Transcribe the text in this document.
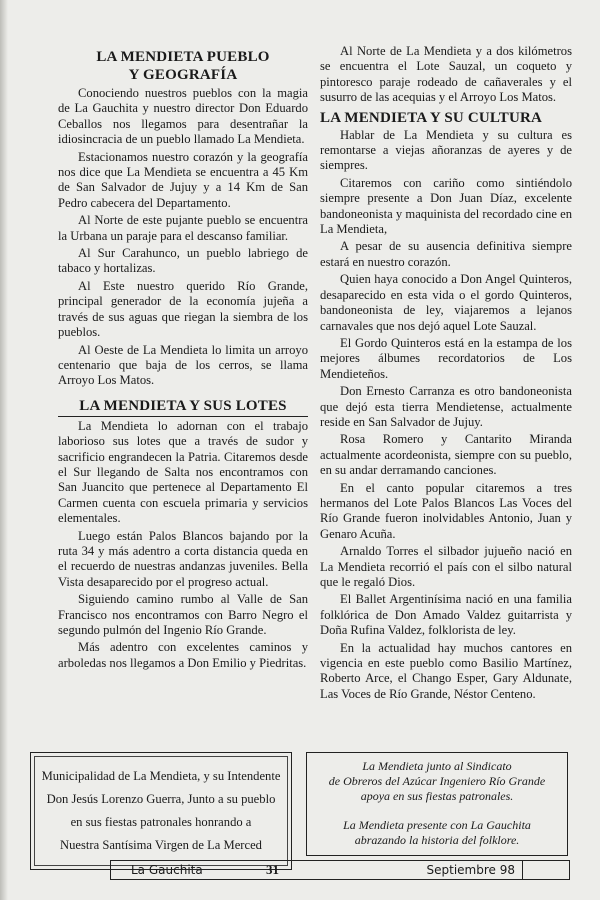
LA MENDIETA PUEBLO
Y GEOGRAFÍA

Conociendo nuestros pueblos con la magia de La Gauchita y nuestro director Don Eduardo Ceballos nos llegamos para desentrañar la idiosincracia de un pueblo llamado La Mendieta.

Estacionamos nuestro corazón y la geografía nos dice que La Mendieta se encuentra a 45 Km de San Salvador de Jujuy y a 14 Km de San Pedro cabecera del Departamento.

Al Norte de este pujante pueblo se encuentra la Urbana un paraje para el descanso familiar.

Al Sur Carahunco, un pueblo labriego de tabaco y hortalizas.

Al Este nuestro querido Río Grande, principal generador de la economía jujeña a través de sus aguas que riegan la siembra de los pueblos.

Al Oeste de La Mendieta lo limita un arroyo centenario que baja de los cerros, se llama Arroyo Los Matos.

LA MENDIETA Y SUS LOTES

La Mendieta lo adornan con el trabajo laborioso sus lotes que a través de sudor y sacrificio engrandecen la Patria. Citaremos desde el Sur llegando de Salta nos encontramos con San Juancito que pertenece al Departamento El Carmen cuenta con escuela primaria y servicios elementales.

Luego están Palos Blancos bajando por la ruta 34 y más adentro a corta distancia queda en el recuerdo de nuestras andanzas juveniles. Bella Vista desaparecido por el progreso actual.

Siguiendo camino rumbo al Valle de San Francisco nos encontramos con Barro Negro el segundo pulmón del Ingenio Río Grande.

Más adentro con excelentes caminos y arboledas nos llegamos a Don Emilio y Piedritas.

Al Norte de La Mendieta y a dos kilómetros se encuentra el Lote Sauzal, un coqueto y pintoresco paraje rodeado de cañaverales y el susurro de las acequias y el Arroyo Los Matos.

LA MENDIETA Y SU CULTURA

Hablar de La Mendieta y su cultura es remontarse a viejas añoranzas de ayeres y de siempres.

Citaremos con cariño como sintiéndolo siempre presente a Don Juan Díaz, excelente bandoneonista y maquinista del recordado cine en La Mendieta,

A pesar de su ausencia definitiva siempre estará en nuestro corazón.

Quien haya conocido a Don Angel Quinteros, desaparecido en esta vida o el gordo Quinteros, bandoneonista de ley, viajaremos a lejanos carnavales que nos dejó aquel Lote Sauzal.

El Gordo Quinteros está en la estampa de los mejores álbumes recordatorios de Los Mendieteños.

Don Ernesto Carranza es otro bandoneonista que dejó esta tierra Mendietense, actualmente reside en San Salvador de Jujuy.

Rosa Romero y Cantarito Miranda actualmente acordeonista, siempre con su pueblo, en su andar derramando canciones.

En el canto popular citaremos a tres hermanos del Lote Palos Blancos Las Voces del Río Grande fueron inolvidables Antonio, Juan y Genaro Acuña.

Arnaldo Torres el silbador jujueño nació en La Mendieta recorrió el país con el silbo natural que le regaló Dios.

El Ballet Argentinísima nació en una familia folklórica de Don Amado Valdez guitarrista y Doña Rufina Valdez, folklorista de ley.

En la actualidad hay muchos cantores en vigencia en este pueblo como Basilio Martínez, Roberto Arce, el Chango Esper, Gary Aldunate, Las Voces de Río Grande, Néstor Centeno.

Municipalidad de La Mendieta, y su Intendente
Don Jesús Lorenzo Guerra, Junto a su pueblo
en sus fiestas patronales honrando a
Nuestra Santísima Virgen de La Merced
La Mendieta junto al Sindicato
de Obreros del Azúcar Ingeniero Río Grande
apoya en sus fiestas patronales.
La Mendieta presente con La Gauchita
abrazando la historia del folklore.
La Gauchita	31	Septiembre 98
